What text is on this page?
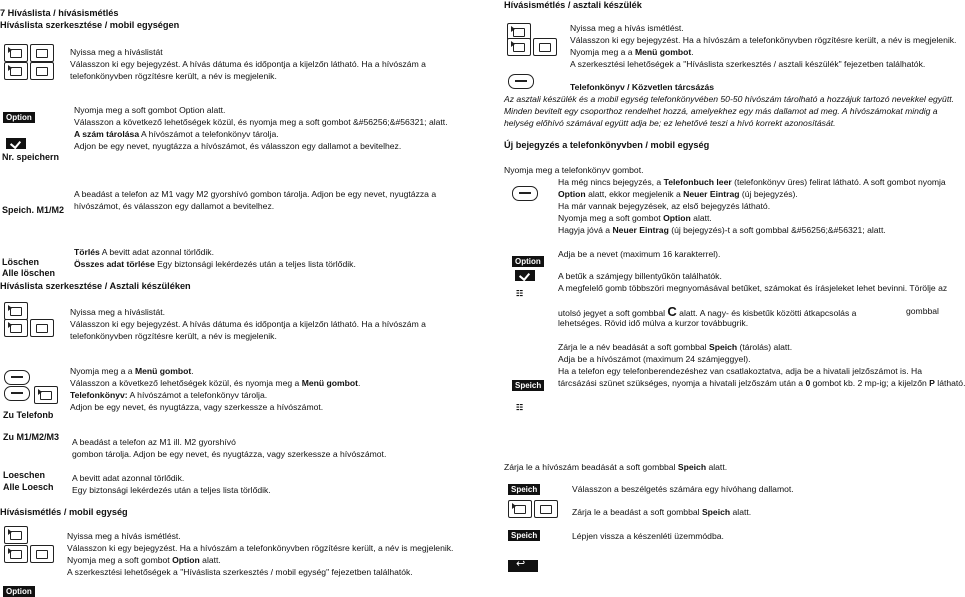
7 Híváslista / hívásismétlés
Híváslista szerkesztése / mobil egységen
Nyissa meg a híváslistát
Válasszon ki egy bejegyzést. A hívás dátuma és időpontja a kijelzőn látható. Ha a hívószám a
telefonkönyvben rögzítésre került, a név is megjelenik.
Option
Nr. speichern
Speich. M1/M2
Nyomja meg a soft gombot Option alatt.
Válasszon a következő lehetőségek közül, és nyomja meg a soft gombot &#56256;&#56321; alatt.
A szám tárolása A hívószámot a telefonkönyv tárolja.
Adjon be egy nevet, nyugtázza a hívószámot, és válasszon egy dallamot a bevitelhez.
A beadást a telefon az M1 vagy M2 gyorshívó gombon tárolja. Adjon be egy nevet, nyugtázza a
hívószámot, és válasszon egy dallamot a bevitelhez.
Löschen
Alle löschen
Törlés A bevitt adat azonnal törlődik.
Összes adat törlése Egy biztonsági lekérdezés után a teljes lista törlődik.
Híváslista szerkesztése / Asztali készüléken
Nyissa meg a híváslistát.
Válasszon ki egy bejegyzést. A hívás dátuma és időpontja a kijelzőn látható. Ha a hívószám a
telefonkönyvben rögzítésre került, a név is megjelenik.
Zu Telefonb
Zu M1/M2/M3
Nyomja meg a a Menü gombot.
Válasszon a következő lehetőségek közül, és nyomja meg a Menü gombot.
Telefonkönyv: A hívószámot a telefonkönyv tárolja.
Adjon be egy nevet, és nyugtázza, vagy szerkessze a hívószámot.
A beadást a telefon az M1 ill. M2 gyorshívó
gombon tárolja. Adjon be egy nevet, és nyugtázza, vagy szerkessze a hívószámot.
Loeschen
Alle Loesch
A bevitt adat azonnal törlődik.
Egy biztonsági lekérdezés után a teljes lista törlődik.
Hívásismétlés / mobil egység
Option
Nyissa meg a hívás ismétlést.
Válasszon ki egy bejegyzést. Ha a hívószám a telefonkönyvben rögzítésre került, a név is megjelenik.
Nyomja meg a soft gombot Option alatt.
A szerkesztési lehetőségek a "Híváslista szerkesztés / mobil egység" fejezetben találhatók.
Hívásismétlés / asztali készülék
Nyissa meg a hívás ismétlést.
Válasszon ki egy bejegyzést. Ha a hívószám a telefonkönyvben rögzítésre került, a név is megjelenik.
Nyomja meg a a Menü gombot.
A szerkesztési lehetőségek a "Híváslista szerkesztés / asztali készülék" fejezetben találhatók.
Telefonkönyv / Közvetlen tárcsázás
Az asztali készülék és a mobil egység telefonkönyvében 50-50 hívószám tárolható a hozzájuk tartozó nevekkel együtt.
Minden bevitelt egy csoporthoz rendelhet hozzá, amelyekhez egy más dallamot ad meg. A hívószámokat mindig a
helység előhívó számával együtt adja be; ez lehetővé teszi a hívó korrekt azonosítását.
Új bejegyzés a telefonkönyvben / mobil egység
Nyomja meg a telefonkönyv gombot.
Ha még nincs bejegyzés, a Telefonbuch leer (telefonkönyv üres) felirat látható. A soft gombot nyomja
Option alatt, ekkor megjelenik a Neuer Eintrag (új bejegyzés).
Ha már vannak bejegyzések, az első bejegyzés látható.
Nyomja meg a soft gombot Option alatt.
Hagyja jóvá a Neuer Eintrag (új bejegyzés)-t a soft gombbal &#56256;&#56321; alatt.
Option
☷
Adja be a nevet (maximum 16 karakterrel).
A betűk a számjegy billentyűkön találhatók.
A megfelelő gomb többszöri megnyomásával betűket, számokat és írásjeleket lehet bevinni. Törölje az
utolsó jegyet a soft gombbal C alatt. A nagy- és kisbetűk közötti átkapcsolás a	gombbal
lehetséges. Rövid idő múlva a kurzor továbbugrik.
Zárja le a név beadását a soft gombbal Speich (tárolás) alatt.
Adja be a hívószámot (maximum 24 számjeggyel).
Ha a telefon egy telefonberendezéshez van csatlakoztatva, adja be a hivatali jelzőszámot is. Ha
tárcsázási szünet szükséges, nyomja a hivatali jelzőszám után a 0 gombot kb. 2 mp-ig; a kijelzőn P látható.
Speich
☷
Zárja le a hívószám beadását a soft gombbal Speich alatt.
Speich	Válasszon a beszélgetés számára egy hívóhang dallamot.
Speich
Zárja le a beadást a soft gombbal Speich alatt.
Lépjen vissza a készenléti üzemmódba.
↩
